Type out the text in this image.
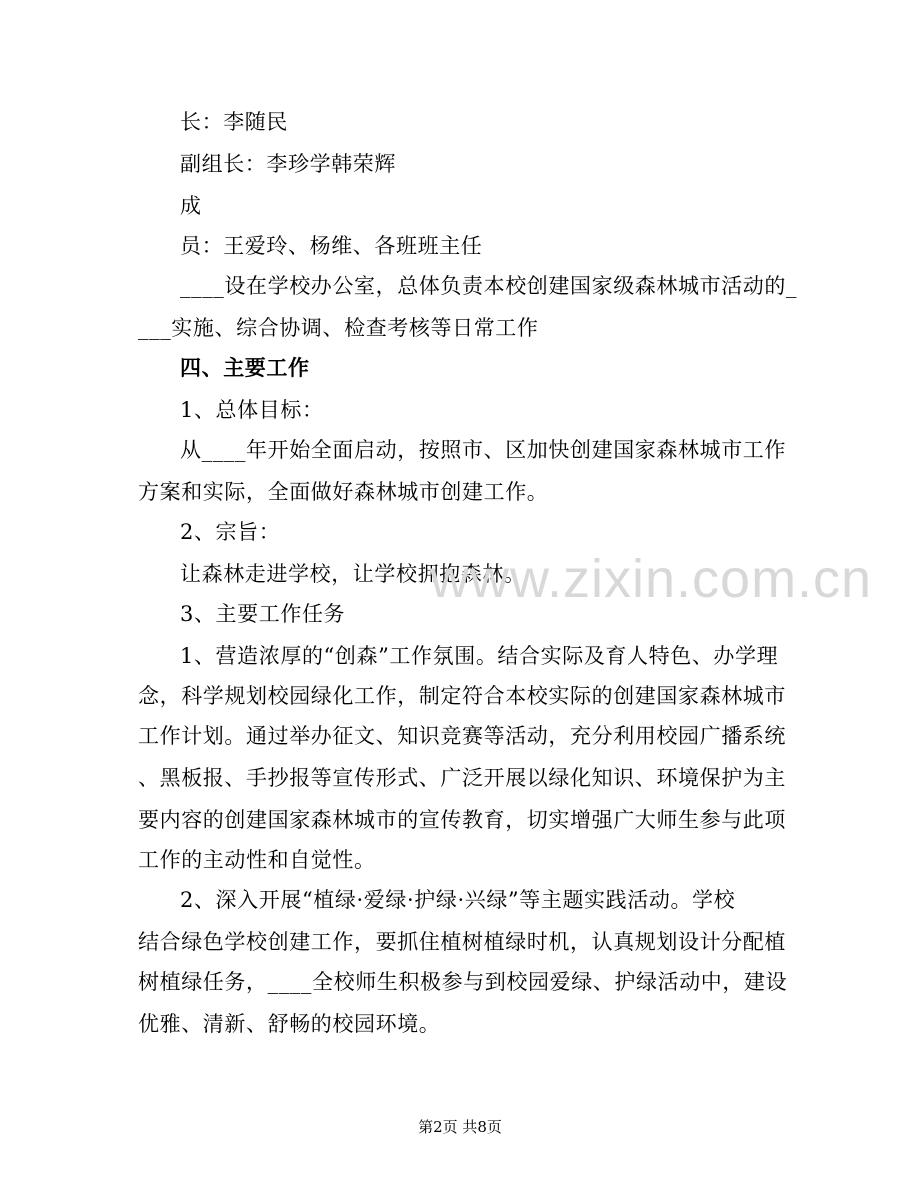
长：李随民
副组长：李珍学韩荣辉
成
员：王爱玲、杨维、各班班主任
____设在学校办公室，总体负责本校创建国家级森林城市活动的_
___实施、综合协调、检查考核等日常工作
四、主要工作
1、总体目标：
从____年开始全面启动，按照市、区加快创建国家森林城市工作
方案和实际，全面做好森林城市创建工作。
2、宗旨：
让森林走进学校，让学校拥抱森林。
3、主要工作任务
1、营造浓厚的“创森”工作氛围。结合实际及育人特色、办学理
念，科学规划校园绿化工作，制定符合本校实际的创建国家森林城市
工作计划。通过举办征文、知识竞赛等活动，充分利用校园广播系统
、黑板报、手抄报等宣传形式、广泛开展以绿化知识、环境保护为主
要内容的创建国家森林城市的宣传教育，切实增强广大师生参与此项
工作的主动性和自觉性。
2、深入开展“植绿·爱绿·护绿·兴绿”等主题实践活动。学校
结合绿色学校创建工作，要抓住植树植绿时机，认真规划设计分配植
树植绿任务，____全校师生积极参与到校园爱绿、护绿活动中，建设
优雅、清新、舒畅的校园环境。
www.zixin.com.cn
第2页 共8页
